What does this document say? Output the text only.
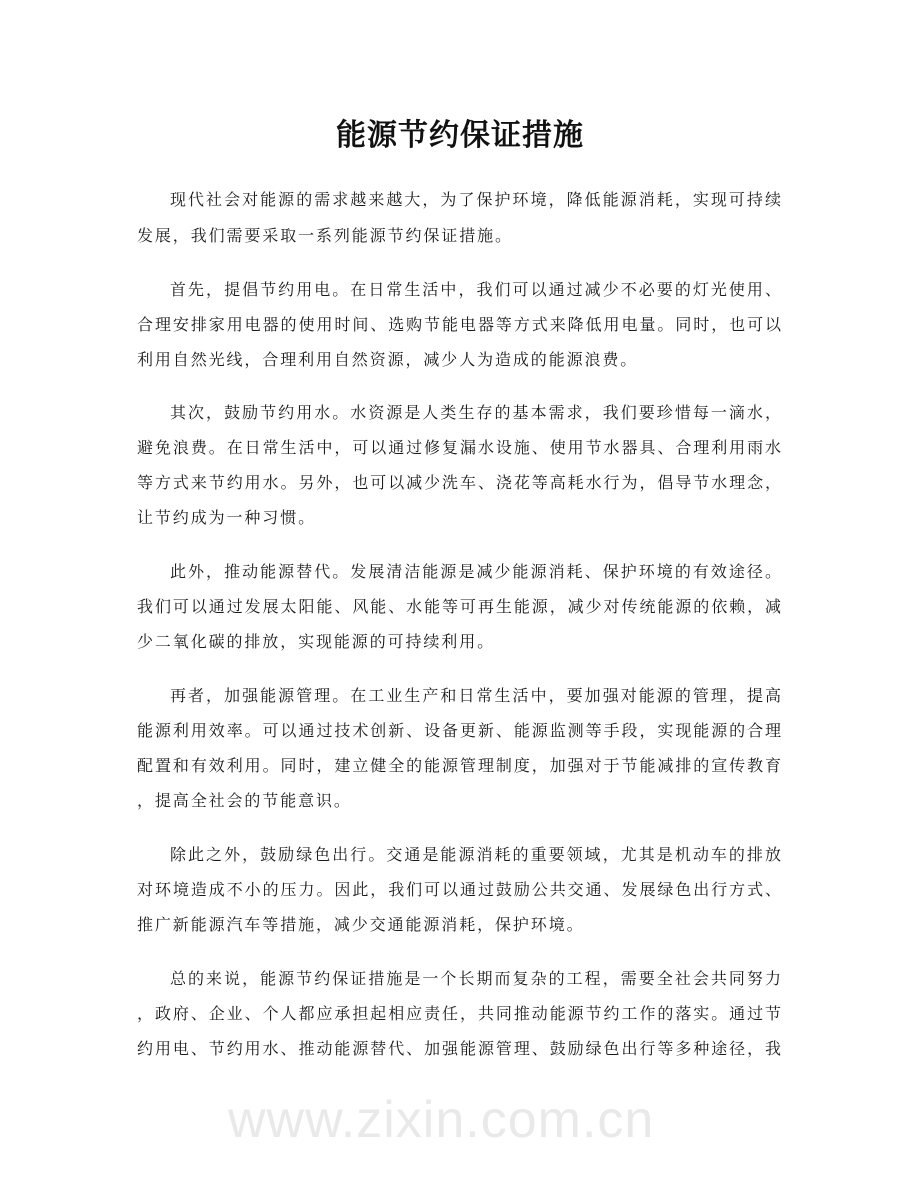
www.zixin.com.cn
能源节约保证措施
现代社会对能源的需求越来越大，为了保护环境，降低能源消耗，实现可持续
发展，我们需要采取一系列能源节约保证措施。
首先，提倡节约用电。在日常生活中，我们可以通过减少不必要的灯光使用、
合理安排家用电器的使用时间、选购节能电器等方式来降低用电量。同时，也可以
利用自然光线，合理利用自然资源，减少人为造成的能源浪费。
其次，鼓励节约用水。水资源是人类生存的基本需求，我们要珍惜每一滴水，
避免浪费。在日常生活中，可以通过修复漏水设施、使用节水器具、合理利用雨水
等方式来节约用水。另外，也可以减少洗车、浇花等高耗水行为，倡导节水理念，
让节约成为一种习惯。
此外，推动能源替代。发展清洁能源是减少能源消耗、保护环境的有效途径。
我们可以通过发展太阳能、风能、水能等可再生能源，减少对传统能源的依赖，减
少二氧化碳的排放，实现能源的可持续利用。
再者，加强能源管理。在工业生产和日常生活中，要加强对能源的管理，提高
能源利用效率。可以通过技术创新、设备更新、能源监测等手段，实现能源的合理
配置和有效利用。同时，建立健全的能源管理制度，加强对于节能减排的宣传教育
，提高全社会的节能意识。
除此之外，鼓励绿色出行。交通是能源消耗的重要领域，尤其是机动车的排放
对环境造成不小的压力。因此，我们可以通过鼓励公共交通、发展绿色出行方式、
推广新能源汽车等措施，减少交通能源消耗，保护环境。
总的来说，能源节约保证措施是一个长期而复杂的工程，需要全社会共同努力
，政府、企业、个人都应承担起相应责任，共同推动能源节约工作的落实。通过节
约用电、节约用水、推动能源替代、加强能源管理、鼓励绿色出行等多种途径，我
